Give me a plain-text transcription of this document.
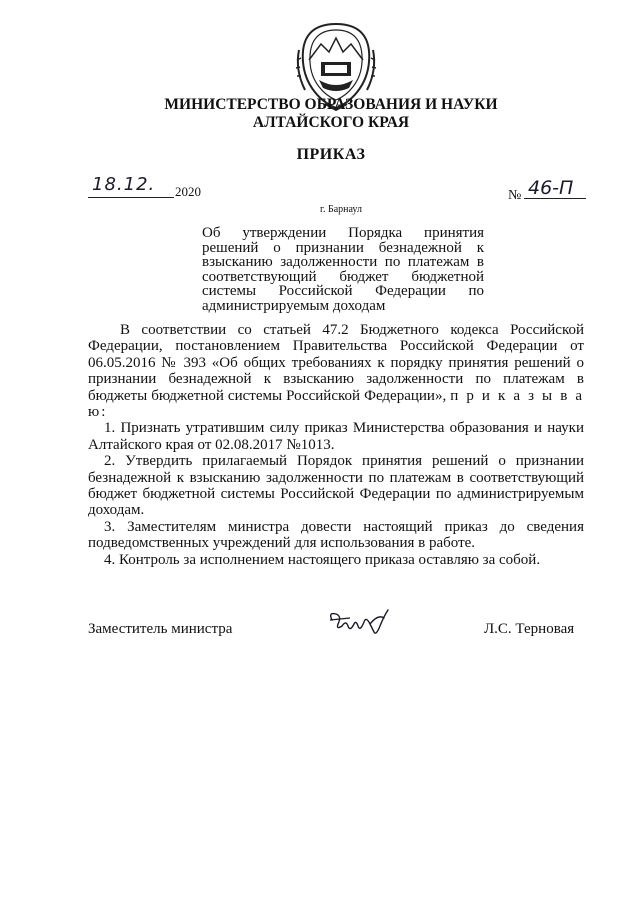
МИНИСТЕРСТВО ОБРАЗОВАНИЯ И НАУКИ
АЛТАЙСКОГО КРАЯ
ПРИКАЗ
18.12. 2020	№ 46-П
г. Барнаул
Об утверждении Порядка принятия решений о признании безнадежной к взысканию задолженности по платежам в соответствующий бюджет бюджетной системы Российской Федерации по администрируемым доходам

В соответствии со статьей 47.2 Бюджетного кодекса Российской Федерации, постановлением Правительства Российской Федерации от 06.05.2016 № 393 «Об общих требованиях к порядку принятия решений о признании безнадежной к взысканию задолженности по платежам в бюджеты бюджетной системы Российской Федерации», п р и к а з ы в а ю:

1. Признать утратившим силу приказ Министерства образования и науки Алтайского края от 02.08.2017 №1013.

2. Утвердить прилагаемый Порядок принятия решений о признании безнадежной к взысканию задолженности по платежам в соответствующий бюджет бюджетной системы Российской Федерации по администрируемым доходам.

3. Заместителям министра довести настоящий приказ до сведения подведомственных учреждений для использования в работе.

4. Контроль за исполнением настоящего приказа оставляю за собой.

Заместитель министра	Л.С. Терновая
